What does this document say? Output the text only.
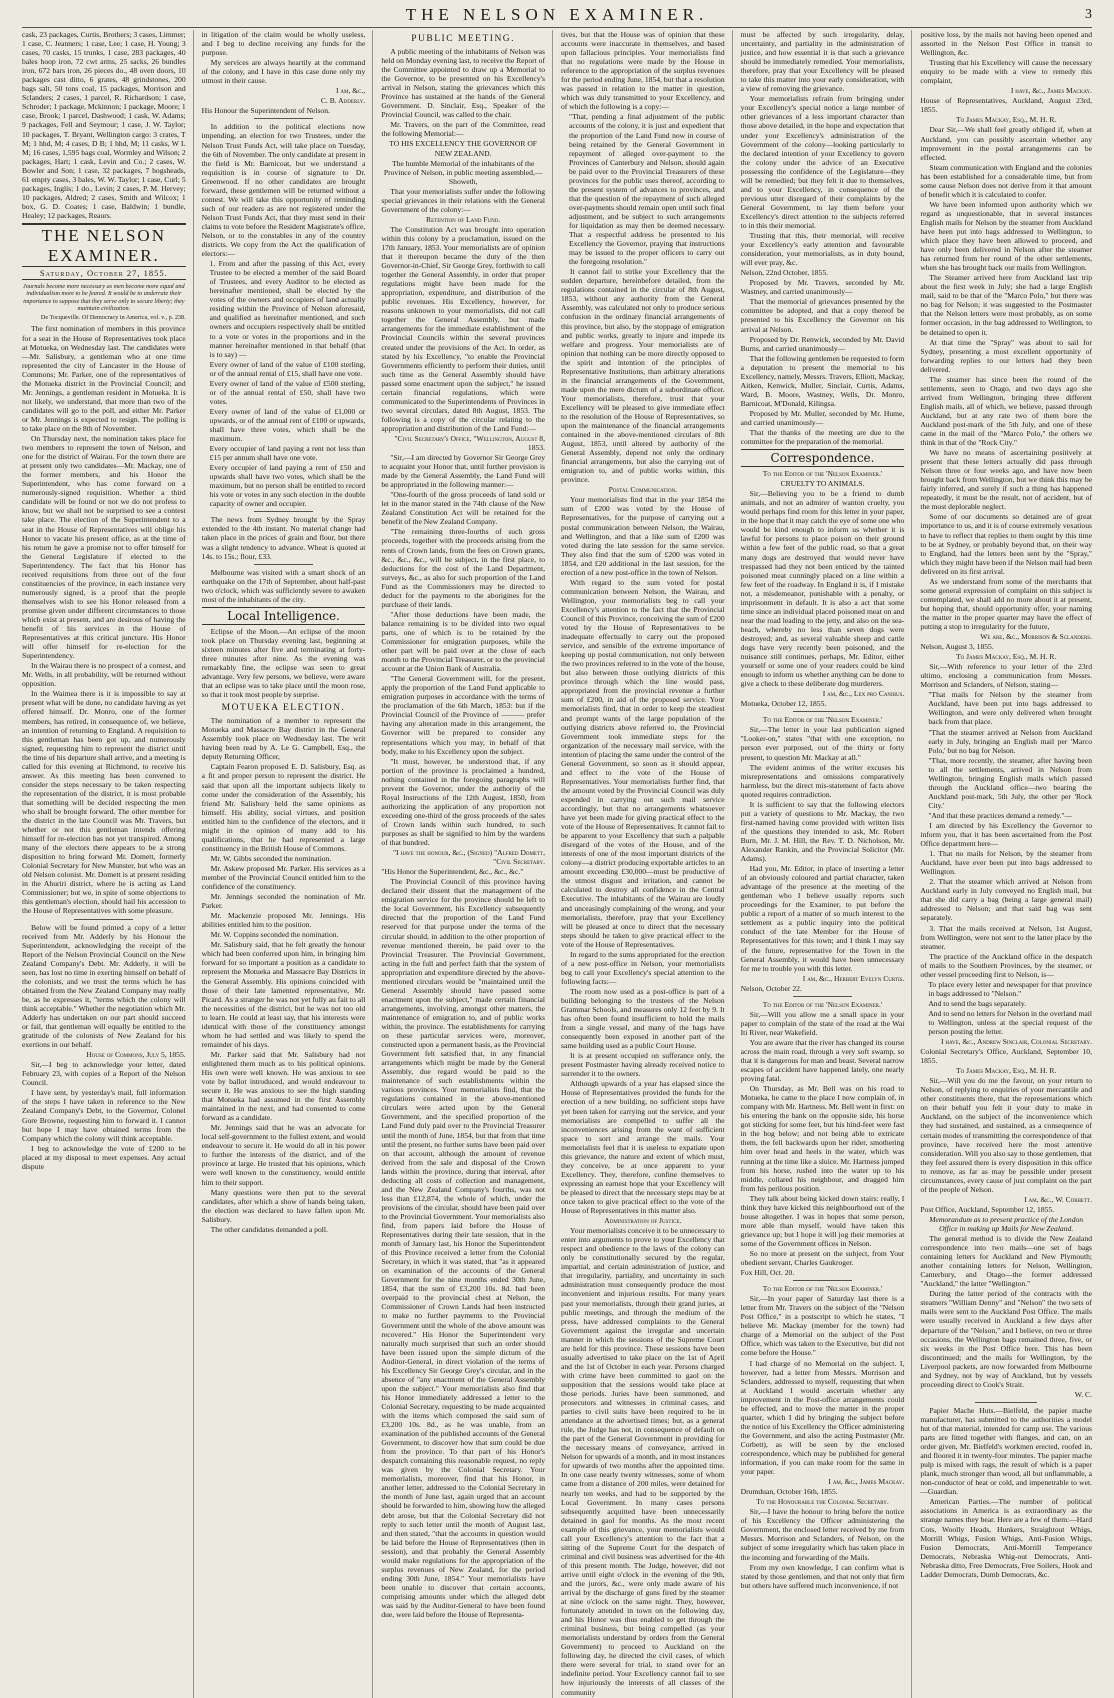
THE NELSON EXAMINER.	3

cask, 23 packages, Curtis, Brothers; 3 cases, Limmer; 1 case, C. Jeanners; 1 case, Lee; 1 case, H. Young; 3 cases, 70 casks, 15 trunks, 1 case, 283 packages, 40 bales hoop iron, 72 cwt arms, 25 sacks, 26 bundles iron, 672 bars iron, 26 pieces do., 48 oven doors, 10 packages cast ditto, 6 grates, 48 grindstones, 200 bags salt, 50 tons coal, 15 packages, Morrison and Sclanders; 2 cases, 1 parcel, R. Richardson; 1 case, Schroder; 1 package, Mckinnon; 1 package, Moore; 1 case, Brook; 1 parcel, Dashwood; 1 cask, W. Adams; 9 packages, Fell and Seymour; 1 case, J. W. Taylor; 10 packages, T. Bryant, Wellington cargo: 3 crates, T M; 1 hhd, M; 4 cases, D B; 1 hhd, M; 11 casks, W L M; 16 cases, 1,595 bags coal, Wormley and Wilson; 2 packages, Hart; 1 cask, Levin and Co.; 2 cases, W. Bowler and Son; 1 case, 32 packages, 7 hogsheads, 61 empty cases, 3 bales, W. W. Taylor; 1 case, Curl; 5 packages, Inglis; 1 do., Levin; 2 cases, P. M. Hervey; 10 packages, Aldred; 2 cases, Smith and Wilcox; 1 box, G. D. Coates; 1 case, Baldwin; 1 bundle, Healey; 12 packages, Reaurs.

THE NELSON EXAMINER.
Saturday, October 27, 1855.

Journals become more necessary as men become more equal and individualism more to be feared. It would be to underrate their importance to suppose that they serve only to secure liberty; they maintain civilization.

De Tocqueville. Of Democracy in America, vol. v., p. 238.

The first nomination of members in this province for a seat in the House of Representatives took place at Motueka, on Wednesday last. The candidates were—Mr. Salisbury, a gentleman who at one time represented the city of Lancaster in the House of Commons; Mr. Parker, one of the representatives of the Motueka district in the Provincial Council; and Mr. Jennings, a gentleman resident in Motueka. It is not likely, we understand, that more than two of the candidates will go to the poll, and either Mr. Parker or Mr. Jennings is expected to resign. The polling is to take place on the 8th of November.

On Thursday next, the nomination takes place for two members to represent the town of Nelson, and one for the district of Wairau. For the town there are at present only two candidates—Mr. Mackay, one of the former members, and his Honor the Superintendent, who has come forward on a numerously-signed requisition. Whether a third candidate will be found or not we do not profess to know, but we shall not be surprised to see a contest take place. The election of the Superintendent to a seat in the House of Representatives will oblige his Honor to vacate his present office, as at the time of his return he gave a promise not to offer himself for the General Legislature if elected to the Superintendency. The fact that his Honor has received requisitions from three out of the four constituencies of the province, in each instance very numerously signed, is a proof that the people themselves wish to see his Honor released from a promise given under different circumstances to those which exist at present, and are desirous of having the benefit of his services in the House of Representatives at this critical juncture. His Honor will offer himself for re-election for the Superintendency.

In the Wairau there is no prospect of a contest, and Mr. Wells, in all probability, will be returned without opposition.

In the Waimea there is it is impossible to say at present what will be done, no candidate having as yet offered himself. Dr. Monro, one of the former members, has retired, in consequence of, we believe, an intention of returning to England. A requisition to this gentleman has been got up, and numerously signed, requesting him to represent the district until the time of his departure shall arrive, and a meeting is called for this evening at Richmond, to receive his answer. As this meeting has been convened to consider the steps necessary to be taken respecting the representation of the district, it is most probable that something will be decided respecting the men who shall be brought forward. The other member for the district in the late Council was Mr. Travers, but whether or not this gentleman intends offering himself for re-election has not yet transpired. Among many of the electors there appears to be a strong disposition to bring forward Mr. Domett, formerly Colonial Secretary for New Munster, but who was an old Nelson colonist. Mr. Domett is at present residing in the Ahuriri district, where he is acting as Land Commissioner; but we, in spite of some objections to this gentleman's election, should hail his accession to the House of Representatives with some pleasure.

Below will be found printed a copy of a letter received from Mr. Adderly by his Honour the Superintendent, acknowledging the receipt of the Report of the Nelson Provincial Council on the New Zealand Company's Debt. Mr. Adderly, it will be seen, has lost no time in exerting himself on behalf of the colonists, and we trust the terms which he has obtained from the New Zealand Company may really be, as he expresses it, "terms which the colony will think acceptable." Whether the negotiation which Mr. Adderly has undertaken on our part should succeed or fail, that gentleman will equally be entitled to the gratitude of the colonists of New Zealand for his exertions in our behalf.

House of Commons, July 5, 1855.

Sir,—I beg to acknowledge your letter, dated February 23, with copies of a Report of the Nelson Council.

I have sent, by yesterday's mail, full information of the steps I have taken in reference to the New Zealand Company's Debt, to the Governor, Colonel Gore Browne, requesting him to forward it. I cannot but hope I may have obtained terms from the Company which the colony will think acceptable.

I beg to acknowledge the vote of £200 to be placed at my disposal to meet expenses. Any actual dispute

in litigation of the claim would be wholly useless, and I beg to decline receiving any funds for the purpose.

My services are always heartily at the command of the colony, and I have in this case done only my utmost in their cause.

I am, &c.,

C. B. Adderly.

His Honour the Superintendent of Nelson.

In addition to the political elections now impending, an election for two Trustees, under the Nelson Trust Funds Act, will take place on Tuesday, the 6th of November. The only candidate at present in the field is Mr. Barnicoat, but we understand a requisition is in course of signature to Dr. Greenwood. If no other candidates are brought forward, these gentlemen will be returned without a contest. We will take this opportunity of reminding such of our readers as are not registered under the Nelson Trust Funds Act, that they must send in their claims to vote before the Resident Magistrate's office, Nelson, or to the constables in any of the country districts. We copy from the Act the qualification of electors:—

1. From and after the passing of this Act, every Trustee to be elected a member of the said Board of Trustees, and every Auditor to be elected as hereinafter mentioned, shall be elected by the votes of the owners and occupiers of land actually residing within the Province of Nelson aforesaid, and qualified as hereinafter mentioned, and such owners and occupiers respectively shall be entitled to a vote or votes in the proportions and in the manner hereinafter mentioned in that behalf (that is to say) —

Every owner of land of the value of £100 sterling, or of the annual rental of £15, shall have one vote.

Every owner of land of the value of £500 sterling, or of the annual rental of £50, shall have two votes.

Every owner of land of the value of £1,000 or upwards, or of the annual rent of £100 or upwards, shall have three votes, which shall be the maximum.

Every occupier of land paying a rent not less than £15 per annum shall have one vote.

Every occupier of land paying a rent of £50 and upwards shall have two votes, which shall be the maximum, but no person shall be entitled to record his vote or votes in any such election in the double capacity of owner and occupier.

The news from Sydney brought by the Spray extended to the 4th instant. No material change had taken place in the prices of grain and flour, but there was a slight tendency to advance. Wheat is quoted at 14s. to 15s.; flour, £33.

Melbourne was visited with a smart shock of an earthquake on the 17th of September, about half-past two o'clock, which was sufficiently severe to awaken most of the inhabitants of the city.

Local Intelligence.

Eclipse of the Moon.—An eclipse of the moon took place on Thursday evening last, beginning at sixteen minutes after five and terminating at forty-three minutes after nine. As the evening was remarkably fine, the eclipse was seen to great advantage. Very few persons, we believe, were aware that an eclipse was to take place until the moon rose, so that it took most people by surprise.

MOTUEKA ELECTION.

The nomination of a member to represent the Motueka and Massacre Bay district in the General Assembly took place on Wednesday last. The writ having been read by A. Le G. Campbell, Esq., the deputy Returning Officer,

Captain Fearon proposed E. D. Salisbury, Esq. as a fit and proper person to represent the district. He said that upon all the important subjects likely to come under the consideration of the Assembly, his friend Mr. Salisbury held the same opinions as himself. His ability, social virtues, and position entitled him to the confidence of the electors, and it might in the opinion of many add to his qualifications, that he had represented a large constituency in the British House of Commons.

Mr. W. Gibbs seconded the nomination.

Mr. Askew proposed Mr. Parker. His services as a member of the Provincial Council entitled him to the confidence of the constituency.

Mr. Jennings seconded the nomination of Mr. Parker.

Mr. Mackenzie proposed Mr. Jennings. His abilities entitled him to the position.

Mr. W. Coppins seconded the nomination.

Mr. Salisbury said, that he felt greatly the honour which had been conferred upon him, in bringing him forward for so important a position as a candidate to represent the Motueka and Massacre Bay Districts in the General Assembly. His opinions coincided with those of their late lamented representative, Mr. Picard. As a stranger he was not yet fully au fait to all the necessities of the district, but he was not too old to learn. He could at least say, that his interests were identical with those of the constituency amongst whom he had settled and was likely to spend the remainder of his days.

Mr. Parker said that Mr. Salisbury had not enlightened them much as to his political opinions. His own were well known. He was anxious to see vote by ballot introduced, and would endeavour to secure it. He was anxious to see the high standing that Motueka had assumed in the first Assembly maintained in the next, and had consented to come forward as a candidate.

Mr. Jennings said that he was an advocate for local self-government to the fullest extent, and would endeavour to secure it. He would do all in his power to further the interests of the district, and of the province at large. He trusted that his opinions, which were well known to the constituency, would entitle him to their support.

Many questions were then put to the several candidates, after which a show of hands being taken, the election was declared to have fallen upon Mr. Salisbury.

The other candidates demanded a poll.

PUBLIC MEETING.

A public meeting of the inhabitants of Nelson was held on Monday evening last, to receive the Report of the Committee appointed to draw up a Memorial to the Governor, to be presented on his Excellency's arrival in Nelson, stating the grievances which this Province has sustained at the hands of the General Government. D. Sinclair, Esq., Speaker of the Provincial Council, was called to the chair.

Mr. Travers, on the part of the Committee, read the following Memorial:—

TO HIS EXCELLENCY THE GOVERNOR OF NEW ZEALAND.

The humble Memorial of the inhabitants of the Province of Nelson, in public meeting assembled,—Showeth,

That your memorialists suffer under the following special grievances in their relations with the General Government of the colony:—

Retention of Land Fund.

The Constitution Act was brought into operation within this colony by a proclamation, issued on the 17th January, 1853. Your memorialists are of opinion that it thereupon became the duty of the then Governor-in-Chief, Sir George Grey, forthwith to call together the General Assembly, in order that proper regulations might have been made for the appropriation, expenditure, and distribution of the public revenues. His Excellency, however, for reasons unknown to your memorialists, did not call together the General Assembly, but made arrangements for the immediate establishment of the Provincial Councils within the several provinces created under the provisions of the Act. In order, as stated by his Excellency, "to enable the Provincial Governments efficiently to perform their duties, until such time as the General Assembly should have passed some enactment upon the subject," he issued certain financial regulations, which were communicated to the Superintendents of Provinces in two several circulars, dated 8th August, 1853. The following is a copy of the circular relating to the appropriation and distribution of the Land Fund:—

"Civil Secretary's Office, "Wellington, August 8, 1853.

"Sir,—I am directed by Governor Sir George Grey to acquaint your Honor that, until further provision is made by the General Assembly, the Land Fund will be appropriated in the following manner:—

"One-fourth of the gross proceeds of land sold or let in the manor stated in the 74th clause of the New Zealand Constitution Act will be retained for the benefit of the New Zealand Company.

"The remaining three-fourths of such gross proceeds, together with the proceeds arising from the rents of Crown lands, from the fees on Crown grants, &c., &c., &c., will be subject, in the first place, to deductions for the cost of the Land Department, surveys, &c., as also for such proportion of the Land Fund as the Commissioners may be directed to deduct for the payments to the aborigines for the purchase of their lands.

"After those deductions have been made, the balance remaining is to be divided into two equal parts, one of which is to be retained by the Commissioner for emigration purposes, while the other part will be paid over at the close of each month to the Provincial Treasurer, or to the provincial account at the Union Bank of Australia.

"The General Government will, for the present, apply the proportion of the Land Fund applicable to emigration purposes in accordance with the terms of the proclamation of the 6th March, 1853: but if the Provincial Council of the Province of ——— prefer having any alteration made in this arrangement, the Governor will be prepared to consider any representations which you may, in behalf of that body, make to his Excellency upon the subject.

"It must, however, be understood that, if any portion of the province is proclaimed a hundred, nothing contained in the foregoing paragraphs will prevent the Governor, under the authority of the Royal Instructions of the 12th August, 1850, from authorizing the application of any proportion not exceeding one-third of the gross proceeds of the sales of Crown lands within such hundred, to such purposes as shall be signified to him by the wardens of that hundred.

"I have the honour, &c., (Signed) "Alfred Domett, "Civil Secretary.

"His Honor the Superintendent, &c., &c., &c."

The Provincial Council of this province having declared their dissent that the management of the emigration service for the province should be left to the local Government, his Excellency subsequently directed that the proportion of the Land Fund reserved for that purpose under the terms of the circular should, in addition to the other proportion of revenue mentioned therein, be paid over to the Provincial Treasurer. The Provincial Government, acting in the full and perfect faith that the system of appropriation and expenditure directed by the above-mentioned circulars would be "maintained until the General Assembly should have passed some enactment upon the subject," made certain financial arrangements, involving, amongst other matters, the maintenance of emigration to, and of public works within, the province. The establishments for carrying on these particular services were, moreover, constructed upon a permanent basis, as the Provincial Government felt satisfied that, in any financial arrangements which might be made by the General Assembly, due regard would be paid to the maintenance of such establishments within the various provinces. Your memorialists find, that the regulations contained in the above-mentioned circulars were acted upon by the General Government, and the specified proportion of the Land Fund duly paid over to the Provincial Treasurer until the month of June, 1854, but that from that time until the present, no further sums have been paid over on that account, although the amount of revenue derived from the sale and disposal of the Crown lands within the province, during that interval, after deducting all costs of collection and management, and the New Zealand Company's fourths, was not less than £12,874, the whole of which, under the provisions of the circular, should have been paid over to the Provincial Government. Your memorialists also find, from papers laid before the House of Representatives during their late session, that in the month of January last, his Honor the Superintendent of this Province received a letter from the Colonial Secretary, in which it was stated, that "as it appeared on examination of the accounts of the General Government for the nine months ended 30th June, 1854, that the sum of £3,200 10s. 8d. had been overpaid to the provincial chest at Nelson, the Commissioner of Crown Lands had been instructed to make no further payments to the Provincial Government until the whole of the above amount was recovered." His Honor the Superintendent very naturally much surprised that such an order should have been issued upon the simple dictum of the Auditor-General, in direct violation of the terms of his Excellency Sir George Grey's circular, and in the absence of "any enactment of the General Assembly upon the subject." Your memorialists also find that his Honor immediately addressed a letter to the Colonial Secretary, requesting to be made acquainted with the items which composed the said sum of £3,200 10s. 8d., as he was unable, from an examination of the published accounts of the General Government, to discover how that sum could be due from the province. To that part of his Honor's despatch containing this reasonable request, no reply was given by the Colonial Secretary. Your memorialists, moreover, find that his Honor, in another letter, addressed to the Colonial Secretary in the month of June last, again urged that an account should be forwarded to him, showing how the alleged debt arose, but that the Colonial Secretary did not reply to such letter until the month of August last, and then stated, "that the accounts in question would be laid before the House of Representatives (then in session), and that probably the General Assembly would make regulations for the appropriation of the surplus revenues of New Zealand, for the period ending 30th June, 1854." Your memorialists have been unable to discover that certain accounts, comprising amounts under which the alleged debt was said by the Auditor-General to have been found due, were laid before the House of Representa-

tives, but that the House was of opinion that these accounts were inaccurate in themselves, and based upon fallacious principles. Your memorialists find that no regulations were made by the House in reference to the appropriation of the surplus revenues for the period ending June, 1854, but that a resolution was passed in relation to the matter in question, which was duly transmitted to your Excellency, and of which the following is a copy:—

"That, pending a final adjustment of the public accounts of the colony, it is just and expedient that the proportion of the Land Fund now in course of being retained by the General Government in repayment of alleged over-payment to the Provinces of Canterbury and Nelson, should again be paid over to the Provincial Treasurers of these provinces for the public uses thereof, according to the present system of advances to provinces, and that the question of the repayment of such alleged over-payments should remain open until such final adjustment, and be subject to such arrangements for liquidation as may then be deemed necessary. That a respectful address be presented to his Excellency the Governor, praying that instructions may be issued to the proper officers to carry out the foregoing resolution."

It cannot fail to strike your Excellency that the sudden departure, hereinbefore detailed, from the regulations contained in the circular of 8th August, 1853, without any authority from the General Assembly, was calculated not only to produce serious confusion in the ordinary financial arrangements of this province, but also, by the stoppage of emigration and public works, greatly to injure and impede its welfare and progress. Your memorialists are of opinion that nothing can be more directly opposed to the spirit and intention of the principles of Representative Institutions, than arbitrary alterations in the financial arrangements of the Government, made upon the mere dictum of a subordinate officer. Your memorialists, therefore, trust that your Excellency will be pleased to give immediate effect to the resolution of the House of Representatives, so upon the maintenance of the financial arrangements contained in the above-mentioned circulars of 8th August, 1853, until altered by authority of the General Assembly, depend not only the ordinary financial arrangements, but also the carrying out of emigration to, and of public works within, this province.

Postal Communication.

Your memorialists find that in the year 1854 the sum of £200 was voted by the House of Representatives, for the purpose of carrying out a postal communication between Nelson, the Wairau, and Wellington, and that a like sum of £200 was voted during the late session for the same service. They also find that the sum of £200 was voted in 1854, and £20 additional in the last session, for the erection of a new post-office in the town of Nelson.

With regard to the sum voted for postal communication between Nelson, the Wairau, and Wellington, your memorialists beg to call your Excellency's attention to the fact that the Provincial Council of this Province, conceiving the sum of £200 voted by the House of Representatives to be inadequate effectually to carry out the proposed service, and sensible of the extreme importance of keeping up postal communication, not only between the two provinces referred to in the vote of the house, but also between those outlying districts of this province through which the line would pass, appropriated from the provincial revenue a further sum of £200, in aid of the proposed service. Your memorialists find, that in order to keep the steadiest and prompt wants of the large population of the outlying districts above referred to, the Provincial Government took immediate steps for the organization of the necessary mail service, with the intention of placing the same under the control of the General Government, so soon as it should appear, and effect to the vote of the House of Representatives. Your memorialists further find, that the amount voted by the Provincial Council was duly expended in carrying out such mail service accordingly, but that no arrangements whatsoever have yet been made for giving practical effect to the vote of the House of Representatives. It cannot fail to be apparent to your Excellency that such a palpable disregard of the votes of the House, and of the interests of one of the most important districts of the colony—a district producing exportable articles to an amount exceeding £30,000—must be productive of the utmost disgust and irritation, and cannot be calculated to destroy all confidence in the Central Executive. The inhabitants of the Wairau are loudly and unceasingly complaining of the wrong, and your memorialists, therefore, pray that your Excellency will be pleased at once to direct that the necessary steps should be taken to give practical effect to the vote of the House of Representatives.

In regard to the sums appropriated for the erection of a new post-office in Nelson, your memorialists beg to call your Excellency's special attention to the following facts:—

The room now used as a post-office is part of a building belonging to the trustees of the Nelson Grammar Schools, and measures only 12 feet by 9. It has often been found insufficient to hold the mails from a single vessel, and many of the bags have consequently been exposed in another part of the same building used as a public Court House.

It is at present occupied on sufferance only, the present Postmaster having already received notice to surrender it to the owners.

Although upwards of a year has elapsed since the House of Representatives provided the funds for the erection of a new building, no sufficient steps have yet been taken for carrying out the service, and your memorialists are compelled to suffer all the inconveniences arising from the want of sufficient space to sort and arrange the mails. Your memorialists feel that it is useless to expatiate upon this grievance, the nature and extent of which must, they conceive, be at once apparent to your Excellency. They, therefore, confine themselves to expressing an earnest hope that your Excellency will be pleased to direct that the necessary steps may be at once taken to give practical effect to the vote of the House of Representatives in this matter also.

Administration of Justice.

Your memorialists conceive it to be unnecessary to enter into arguments to prove to your Excellency that respect and obedience to the laws of the colony can only be constitutionally secured by the regular, impartial, and certain administration of justice, and that irregularity, partiality, and uncertainty in such administration must consequently produce the most inconvenient and injurious results. For many years past your memorialists, through their grand juries, at public meetings, and through the medium of the press, have addressed complaints to the General Government against the irregular and uncertain manner in which the sessions of the Supreme Court are held for this province. These sessions have been usually advertised to take place on the 1st of April and the 1st of October in each year. Persons charged with crime have been committed to gaol on the supposition that the sessions would take place at those periods. Juries have been summoned, and prosecutors and witnesses in criminal cases, and parties to civil suits have been required to be in attendance at the advertised times; but, as a general rule, the Judge has not, in consequence of default on the part of the General Government in providing for the necessary means of conveyance, arrived in Nelson for upwards of a month, and in most instances for upwards of two months after the appointed time. In one case nearly twenty witnesses, some of whom came from a distance of 200 miles, were detained for nearly ten weeks, and had to be supported by the Local Government. In many cases persons subsequently acquitted have been unnecessarily detained in gaol for months. As the most recent example of this grievance, your memorialists would call your Excellency's attention to the fact that a sitting of the Supreme Court for the despatch of criminal and civil business was advertised for the 4th of this present month. The Judge, however, did not arrive until eight o'clock in the evening of the 9th, and the jurors, &c., were only made aware of his arrival by the discharge of guns fired by the steamer at nine o'clock on the same night. They, however, fortunately attended in town on the following day, and his Honor was thus enabled to get through the criminal business, but being compelled (as your memorialists understand by orders from the General Government) to proceed to Auckland on the following day, he directed the civil cases, of which there were several for trial, to stand over for an indefinite period. Your Excellency cannot fail to see how injuriously the interests of all classes of the community

must be affected by such irregularity, delay, uncertainty, and partiality in the administration of justice, and how essential it is that such a grievance should be immediately remedied. Your memorialists, therefore, pray that your Excellency will be pleased to take this matter into your early consideration, with a view of removing the grievance.

Your memorialists refrain from bringing under your Excellency's special notice a large number of other grievances of a less important character than those above detailed, in the hope and expectation that under your Excellency's administration of the Government of the colony—looking particularly to the declared intention of your Excellency to govern the colony under the advice of an Executive possessing the confidence of the Legislature—they will be remedied; but they felt it due to themselves, and to your Excellency, in consequence of the previous utter disregard of their complaints by the General Government, to lay them before your Excellency's direct attention to the subjects referred to in this their memorial.

Trusting that this, their memorial, will receive your Excellency's early attention and favourable consideration, your memorialists, as in duty bound, will ever pray, &c.

Nelson, 22nd October, 1855.

Proposed by Mr. Travers, seconded by Mr. Wastney, and carried unanimously—

That the memorial of grievances presented by the committee be adopted, and that a copy thereof be presented to his Excellency the Governor on his arrival at Nelson.

Proposed by Dr. Renwick, seconded by Mr. David Burns, and carried unanimously—

That the following gentlemen be requested to form a deputation to present the memorial to his Excellency, namely, Messrs. Travers, Elliott, Mackay, Aitken, Kenwick, Muller, Sinclair, Curtis, Adams, Ward, B. Moore, Wastney, Wells, Dr. Monro, Barnicoat, M'Donald, Kilingsa.

Proposed by Mr. Muller, seconded by Mr. Hume, and carried unanimously—

That the thanks of the meeting are due to the committee for the preparation of the memorial.

Correspondence.

To the Editor of the 'Nelson Examiner.'

CRUELTY TO ANIMALS.

Sir,—Believing you to be a friend to dumb animals, and not an admirer of wanton cruelty, you would perhaps find room for this letter in your paper, in the hope that it may catch the eye of some one who would be kind enough to inform us whether it is lawful for persons to place poison on their ground within a few feet of the public road, so that a great many dogs are destroyed that would never have trespassed had they not been enticed by the tainted poisoned meat cunningly placed on a line within a few feet of the roadway. In England it is, if I mistake not, a misdemeanor, punishable with a penalty, or imprisonment in default. It is also a act that some time since an individual placed poisoned meat on and near the road leading to the jetty, and also on the sea-beach, whereby no less than seven dogs were destroyed; and, as several valuable sheep and cattle dogs have very recently been poisoned, and the nuisance still continues, perhaps, Mr. Editor, either yourself or some one of your readers could be kind enough to inform us whether anything can be done to give a check to these deliberate dog murderers.

I am, &c., Lex pro Canibus.

Motueka, October 12, 1855.

To the Editor of the 'Nelson Examiner.'

Sir,—The letter in your last publication signed "Looker-on," states "that with one exception, no person ever purposed, out of the thirty or forty present, to question Mr. Mackay at all."

The evident animus of the writer excuses his misrepresentations and omissions comparatively harmless, but the direct mis-statement of facts above quoted requires contradiction.

It is sufficient to say that the following electors put a variety of questions to Mr. Mackay, the two first-named having come provided with written lists of the questions they intended to ask, Mr. Robert Burn, Mr. J. M. Hill, the Rev. T. D. Nicholson, Mr. Alexander Rankin, and the Provincial Solicitor (Mr. Adams).

Had you, Mr. Editor, in place of inserting a letter of an obviously coloured and partial character, taken advantage of the presence at the meeting of the gentleman who I believe usually reports such proceedings for the Examiner, to put before the public a report of a matter of so much interest to the settlement as a public inquiry into the political conduct of the late Member for the House of Representatives for this town; and I think I may say of the future, representative for the Town in the General Assembly, it would have been unnecessary for me to trouble you with this letter.

I am, &c., Herbert Evelyn Curtis.

Nelson, October 22.

To the Editor of the 'Nelson Examiner.'

Sir,—Will you allow me a small space in your paper to complain of the state of the road at the Wai Iti River, near Wakefield.

You are aware that the river has changed its course across the main road, through a very soft swamp, so that it is dangerous for man and beast. Several narrow escapes of accident have happened lately, one nearly proving fatal.

On Thursday, as Mr. Bell was on his road to Motueka, he came to the place I now complain of, in company with Mr. Hartness. Mr. Bell went in first: on his entering the bank on the opposite side, his horse got sticking for some feet, but his hind-feet were fast in the bog below; and not being able to extricate them, the fell backwards upon her rider, smothering him over head and heels in the water, which was running at the time like a sluice. Mr. Hartness jumped from his horse, rushed into the water up to his middle, collared his neighbour, and dragged him from his perilous position.

They talk about being kicked down stairs: really, I think they have kicked this neighbourhood out of the house altogether. I was in hopes that some person, more able than myself, would have taken this grievance up; but I hope it will jog their memories at some of the Government offices in Nelson.

So no more at present on the subject, from Your obedient servant, Charles Gaukroger.

Fox Hill, Oct. 20.

To the Editor of the 'Nelson Examiner.'

Sir,—In your paper of Saturday last there is a letter from Mr. Travers on the subject of the "Nelson Post Office," in a postscript to which he states, "I believe Mr. Mackay (member for the town) had charge of a Memorial on the subject of the Post Office, which was taken to the Executive, but did not come before the House."

I had charge of no Memorial on the subject. I, however, had a letter from Messrs. Morrison and Sclanders, addressed to myself, requesting that when at Auckland I would ascertain whether any improvement in the Post-office arrangements could be effected, and to move the matter in the proper quarter, which I did by bringing the subject before the notice of his Excellency the Officer administering the Government, and also the acting Postmaster (Mr. Corbett), as will be seen by the enclosed correspondence, which may be published for general information, if you can make room for the same in your paper.

I am, &c., James Mackay.

Drumduan, October 16th, 1855.

To the Honourable the Colonial Secretary.

Sir,—I have the honour to bring before the notice of his Excellency the Officer administering the Government, the enclosed letter received by me from Messrs. Morrison and Sclanders, of Nelson, on the subject of some irregularity which has taken place in the incoming and forwarding of the Mails.

From my own knowledge, I can confirm what is stated by those gentlemen, and that not only that firm but others have suffered much inconvenience, if not

positive loss, by the mails not having been opened and assorted in the Nelson Post Office in transit to Wellington, &c.

Trusting that his Excellency will cause the necessary enquiry to be made with a view to remedy this complaint,

I have, &c., James Mackay.

House of Representatives, Auckland, August 23rd, 1855.

To James Mackay, Esq., M. H. R.

Dear Sir,—We shall feel greatly obliged if, when at Auckland, you can possibly ascertain whether any improvement in the postal arrangements can be effected.

Steam communication with England and the colonies has been established for a considerable time, but from some cause Nelson does not derive from it that amount of benefit which it is calculated to confer.

We have been informed upon authority which we regard as unquestionable, that in several instances English mails for Nelson by the steamer from Auckland have been put into bags addressed to Wellington, to which place they have been allowed to proceed, and have only been delivered in Nelson after the steamer has returned from her round of the other settlements, when she has brought back our mails from Wellington.

The Steamer arrived here from Auckland last trip about the first week in July; she had a large English mail, said to be that of the "Marco Polo," but there was no bag for Nelson; it was suggested to the Postmaster that the Nelson letters were most probably, as on some former occasion, in the bag addressed to Wellington, to be detained to open it.

At that time the "Spray" was about to sail for Sydney, presenting a most excellent opportunity of forwarding replies to our letters had they been delivered.

The steamer has since been the round of the settlements, seen to Otago, and two days ago she arrived from Wellington, bringing three different English mails, all of which, we believe, passed through Auckland, but at any rate two of them bore the Auckland post-mark of the 5th July, and one of these came in the mail of the "Marco Polo," the others we think in that of the "Rock City."

We have no means of ascertaining positively at present that these letters actually did pass through Nelson three or four weeks ago, and have now been brought back from Wellington, but we think this may be fairly inferred, and surely if such a thing has happened repeatedly, it must be the result, not of accident, but of the most deplorable neglect.

Some of our documents so detained are of great importance to us, and it is of course extremely vexatious to have to reflect that replies to them ought by this time to be at Sydney, or probably beyond that, on their way to England, had the letters been sent by the "Spray," which they might have been if the Nelson mail had been delivered on its first arrival.

As we understand from some of the merchants that some general expression of complaint on this subject is contemplated, we shall add no more about it at present, but hoping that, should opportunity offer, your naming the matter in the proper quarter may have the effect of putting a stop to irregularity for the future,

We are, &c., Morrison & Sclanders.

Nelson, August 3, 1855.

To James Mackay, Esq., M. H. R.

Sir,—With reference to your letter of the 23rd ultimo, enclosing a communication from Messrs. Morrison and Sclanders, of Nelson, stating—

"That mails for Nelson by the steamer from Auckland, have been put into bags addressed to Wellington, and were only delivered when brought back from that place.

"That the steamer arrived at Nelson from Auckland early in July, bringing an English mail per 'Marco Polo,' but no bag for Nelson.

"That, more recently, the steamer, after having been to all the settlements, arrived in Nelson from Wellington, bringing English mails which passed through the Auckland office—two bearing the Auckland post-mark, 5th July, the other per 'Rock City.'

"And that these practices demand a remedy."—

I am directed by his Excellency the Governor to inform you, that it has been ascertained from the Post Office department here—

1. That no mails for Nelson, by the steamer from Auckland, have ever been put into bags addressed to Wellington.

2. That the steamer which arrived at Nelson from Auckland early in July conveyed no English mail, but that she did carry a bag (being a large general mail) addressed to Nelson; and that said bag was sent separately.

3. That the mails received at Nelson, 1st August, from Wellington, were not sent to the latter place by the steamer.

The practice of the Auckland office in the despatch of mails to the Southern Provinces, by the steamer, or other vessel proceeding first to Nelson, is—

To place every letter and newspaper for that province in bags addressed to "Nelson."

And to send the bags separately.

And to send no letters for Nelson in the overland mail to Wellington, unless at the special request of the person posting the letter.

I have, &c., Andrew Sinclair, Colonial Secretary.

Colonial Secretary's Office, Auckland, September 10, 1855.

To James Mackay, Esq., M. H. R.

Sir,—Will you do me the favour, on your return to Nelson, of replying to enquiries of your mercantile and other constituents there, that the representations which on their behalf you felt it your duty to make in Auckland, on the subject of the inconvenience which they had sustained, and sustained, as a consequence of certain modes of transmitting the correspondence of that province, have received here the most attentive consideration. Will you also say to those gentlemen, that they feel assured there is every disposition in this office to remove, as far as may be possible under present circumstances, every cause of just complaint on the part of the people of Nelson.

I am, &c., W. Corbett.

Post Office, Auckland, September 12, 1855.

Memorandum as to present practice of the London Office in making up Mails for New Zealand.

The general method is to divide the New Zealand correspondence into two mails—one set of bags containing letters for Auckland and New Plymouth; another containing letters for Nelson, Wellington, Canterbury, and Otago—the former addressed "Auckland," the latter "Wellington."

During the latter period of the contracts with the steamers "William Denny" and "Nelson" the two sets of mails were sent to the Auckland Post Office. The mails were usually received in Auckland a few days after departure of the "Nelson," and I believe, on two or three occasions, the Wellington bags remained three, five, or six weeks in the Post Office here. This has been discontinued; and the mails for Wellington, by the Liverpool packets, are now forwarded from Melbourne and Sydney, not by way of Auckland, but by vessels proceeding direct to Cook's Strait.

W. C.

Papier Mache Huts.—Bielfeld, the papier mache manufacturer, has submitted to the authorities a model hut of that material, intended for camp use. The various parts are fitted together with flanges, and can, on an order given, Mr. Bielfeld's workmen erected, roofed in, and floored it in twenty-four minutes. The papier mache pulp is mixed with rags, the result of which is a paper plank, much stronger than wood, all but unflammable, a non-conductor of heat or cold, and impenetrable to wet.—Guardian.

American Parties.—The number of political associations in America is as extraordinary as the strange names they bear. Here are a few of them:—Hard Cots, Woolly Heads, Hunkers, Straightout Whigs, Morrill Whigs, Fusion Whigs, Anti-Fusion Whigs, Fusion Democrats, Anti-Morrill Temperance Democrats, Nebraska Whig-out Democrats, Anti-Nebraska ditto, Free Democrats, Free Soilers, Hook and Ladder Democrats, Dumb Democrats, &c.
